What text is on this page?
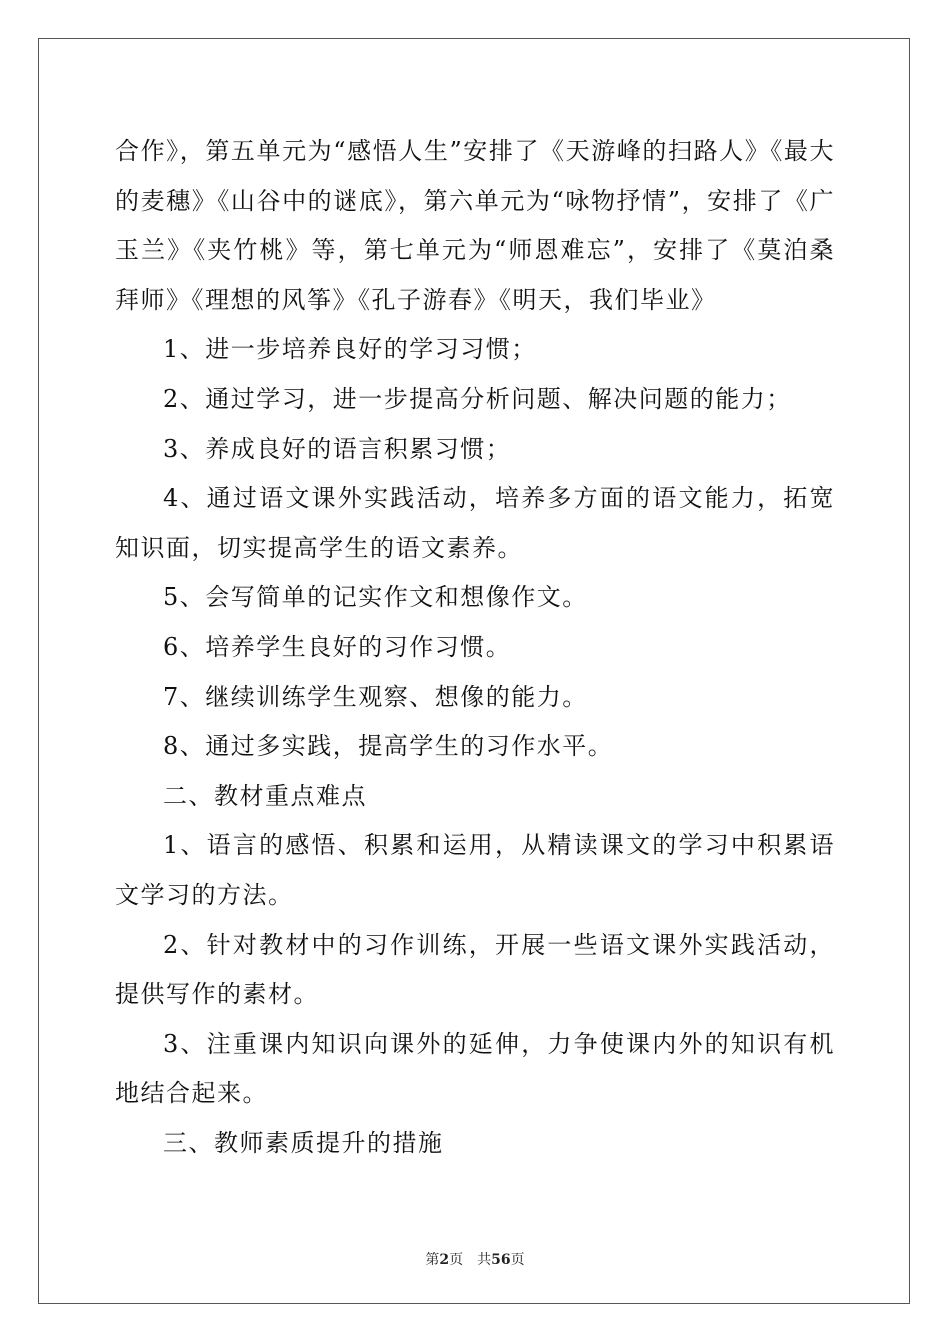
合作》，第五单元为“感悟人生”安排了《天游峰的扫路人》《最大的麦穗》《山谷中的谜底》，第六单元为“咏物抒情”，安排了《广玉兰》《夹竹桃》等，第七单元为“师恩难忘”，安排了《莫泊桑拜师》《理想的风筝》《孔子游春》《明天，我们毕业》

1、进一步培养良好的学习习惯；

2、通过学习，进一步提高分析问题、解决问题的能力；

3、养成良好的语言积累习惯；

4、通过语文课外实践活动，培养多方面的语文能力，拓宽知识面，切实提高学生的语文素养。

5、会写简单的记实作文和想像作文。

6、培养学生良好的习作习惯。

7、继续训练学生观察、想像的能力。

8、通过多实践，提高学生的习作水平。

二、教材重点难点

1、语言的感悟、积累和运用，从精读课文的学习中积累语文学习的方法。

2、针对教材中的习作训练，开展一些语文课外实践活动，提供写作的素材。

3、注重课内知识向课外的延伸，力争使课内外的知识有机地结合起来。

三、教师素质提升的措施

第2页 共56页
